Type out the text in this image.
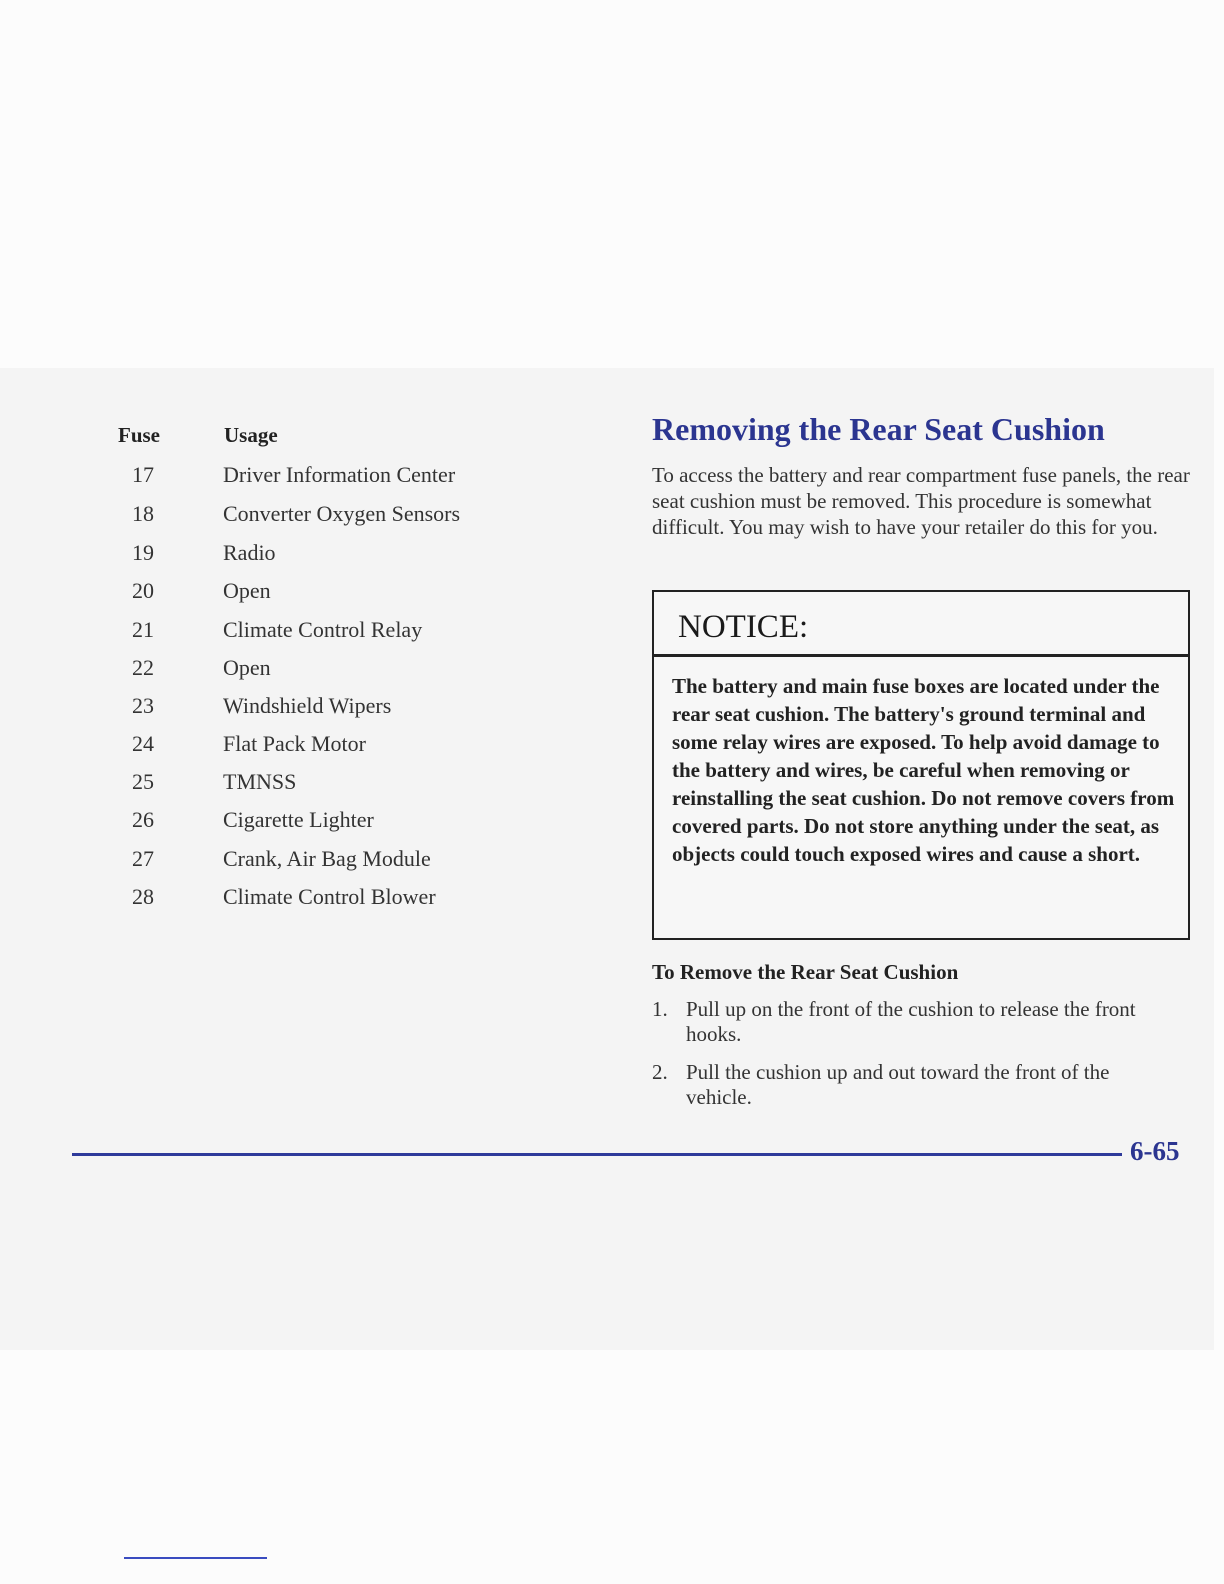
Fuse	Usage
17	Driver Information Center
18	Converter Oxygen Sensors
19	Radio
20	Open
21	Climate Control Relay
22	Open
23	Windshield Wipers
24	Flat Pack Motor
25	TMNSS
26	Cigarette Lighter
27	Crank, Air Bag Module
28	Climate Control Blower
Removing the Rear Seat Cushion
To access the battery and rear compartment fuse panels, the rear seat cushion must be removed. This procedure is somewhat difficult. You may wish to have your retailer do this for you.
NOTICE:
The battery and main fuse boxes are located under the rear seat cushion. The battery's ground terminal and some relay wires are exposed. To help avoid damage to the battery and wires, be careful when removing or reinstalling the seat cushion. Do not remove covers from covered parts. Do not store anything under the seat, as objects could touch exposed wires and cause a short.
To Remove the Rear Seat Cushion
1. Pull up on the front of the cushion to release the front hooks.
2. Pull the cushion up and out toward the front of the vehicle.
6-65
